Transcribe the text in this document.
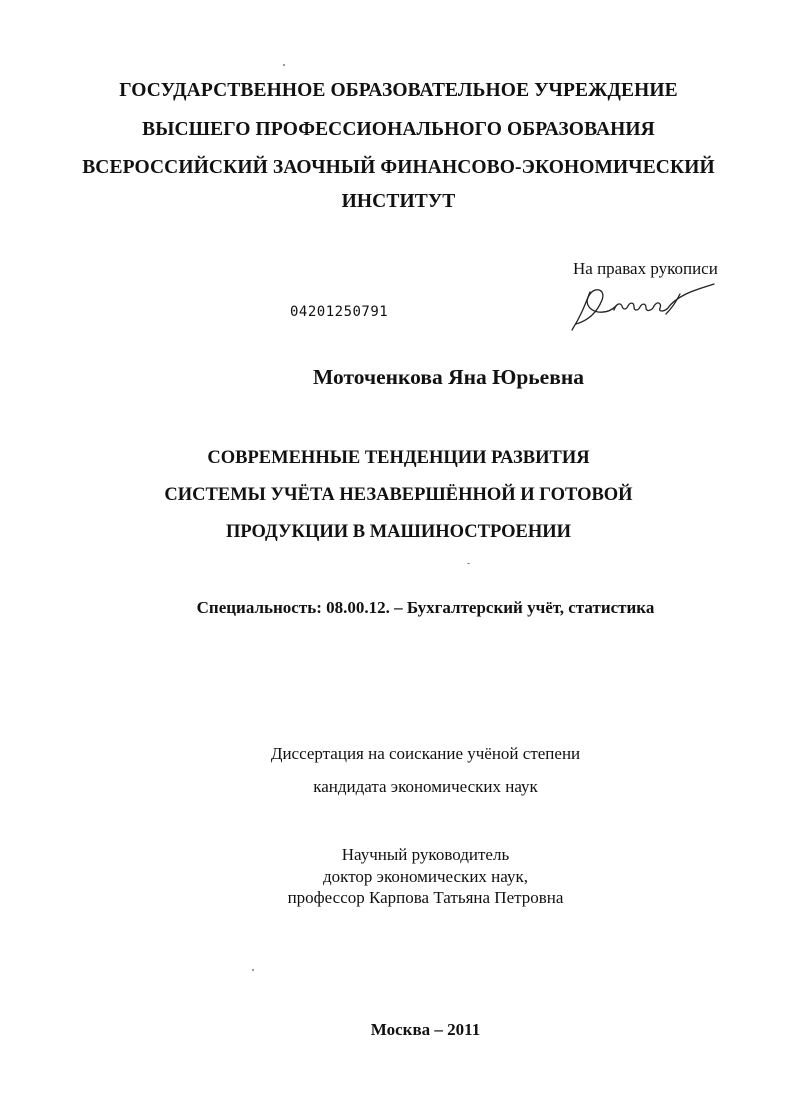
ГОСУДАРСТВЕННОЕ ОБРАЗОВАТЕЛЬНОЕ УЧРЕЖДЕНИЕ
ВЫСШЕГО ПРОФЕССИОНАЛЬНОГО ОБРАЗОВАНИЯ
ВСЕРОССИЙСКИЙ ЗАОЧНЫЙ ФИНАНСОВО-ЭКОНОМИЧЕСКИЙ
ИНСТИТУТ
На правах рукописи
04201250791
Моточенкова Яна Юрьевна
СОВРЕМЕННЫЕ ТЕНДЕНЦИИ РАЗВИТИЯ
СИСТЕМЫ УЧЁТА НЕЗАВЕРШЁННОЙ И ГОТОВОЙ
ПРОДУКЦИИ В МАШИНОСТРОЕНИИ
Специальность: 08.00.12. – Бухгалтерский учёт, статистика
Диссертация на соискание учёной степени
кандидата экономических наук
Научный руководитель
доктор экономических наук,
профессор Карпова Татьяна Петровна
Москва – 2011
